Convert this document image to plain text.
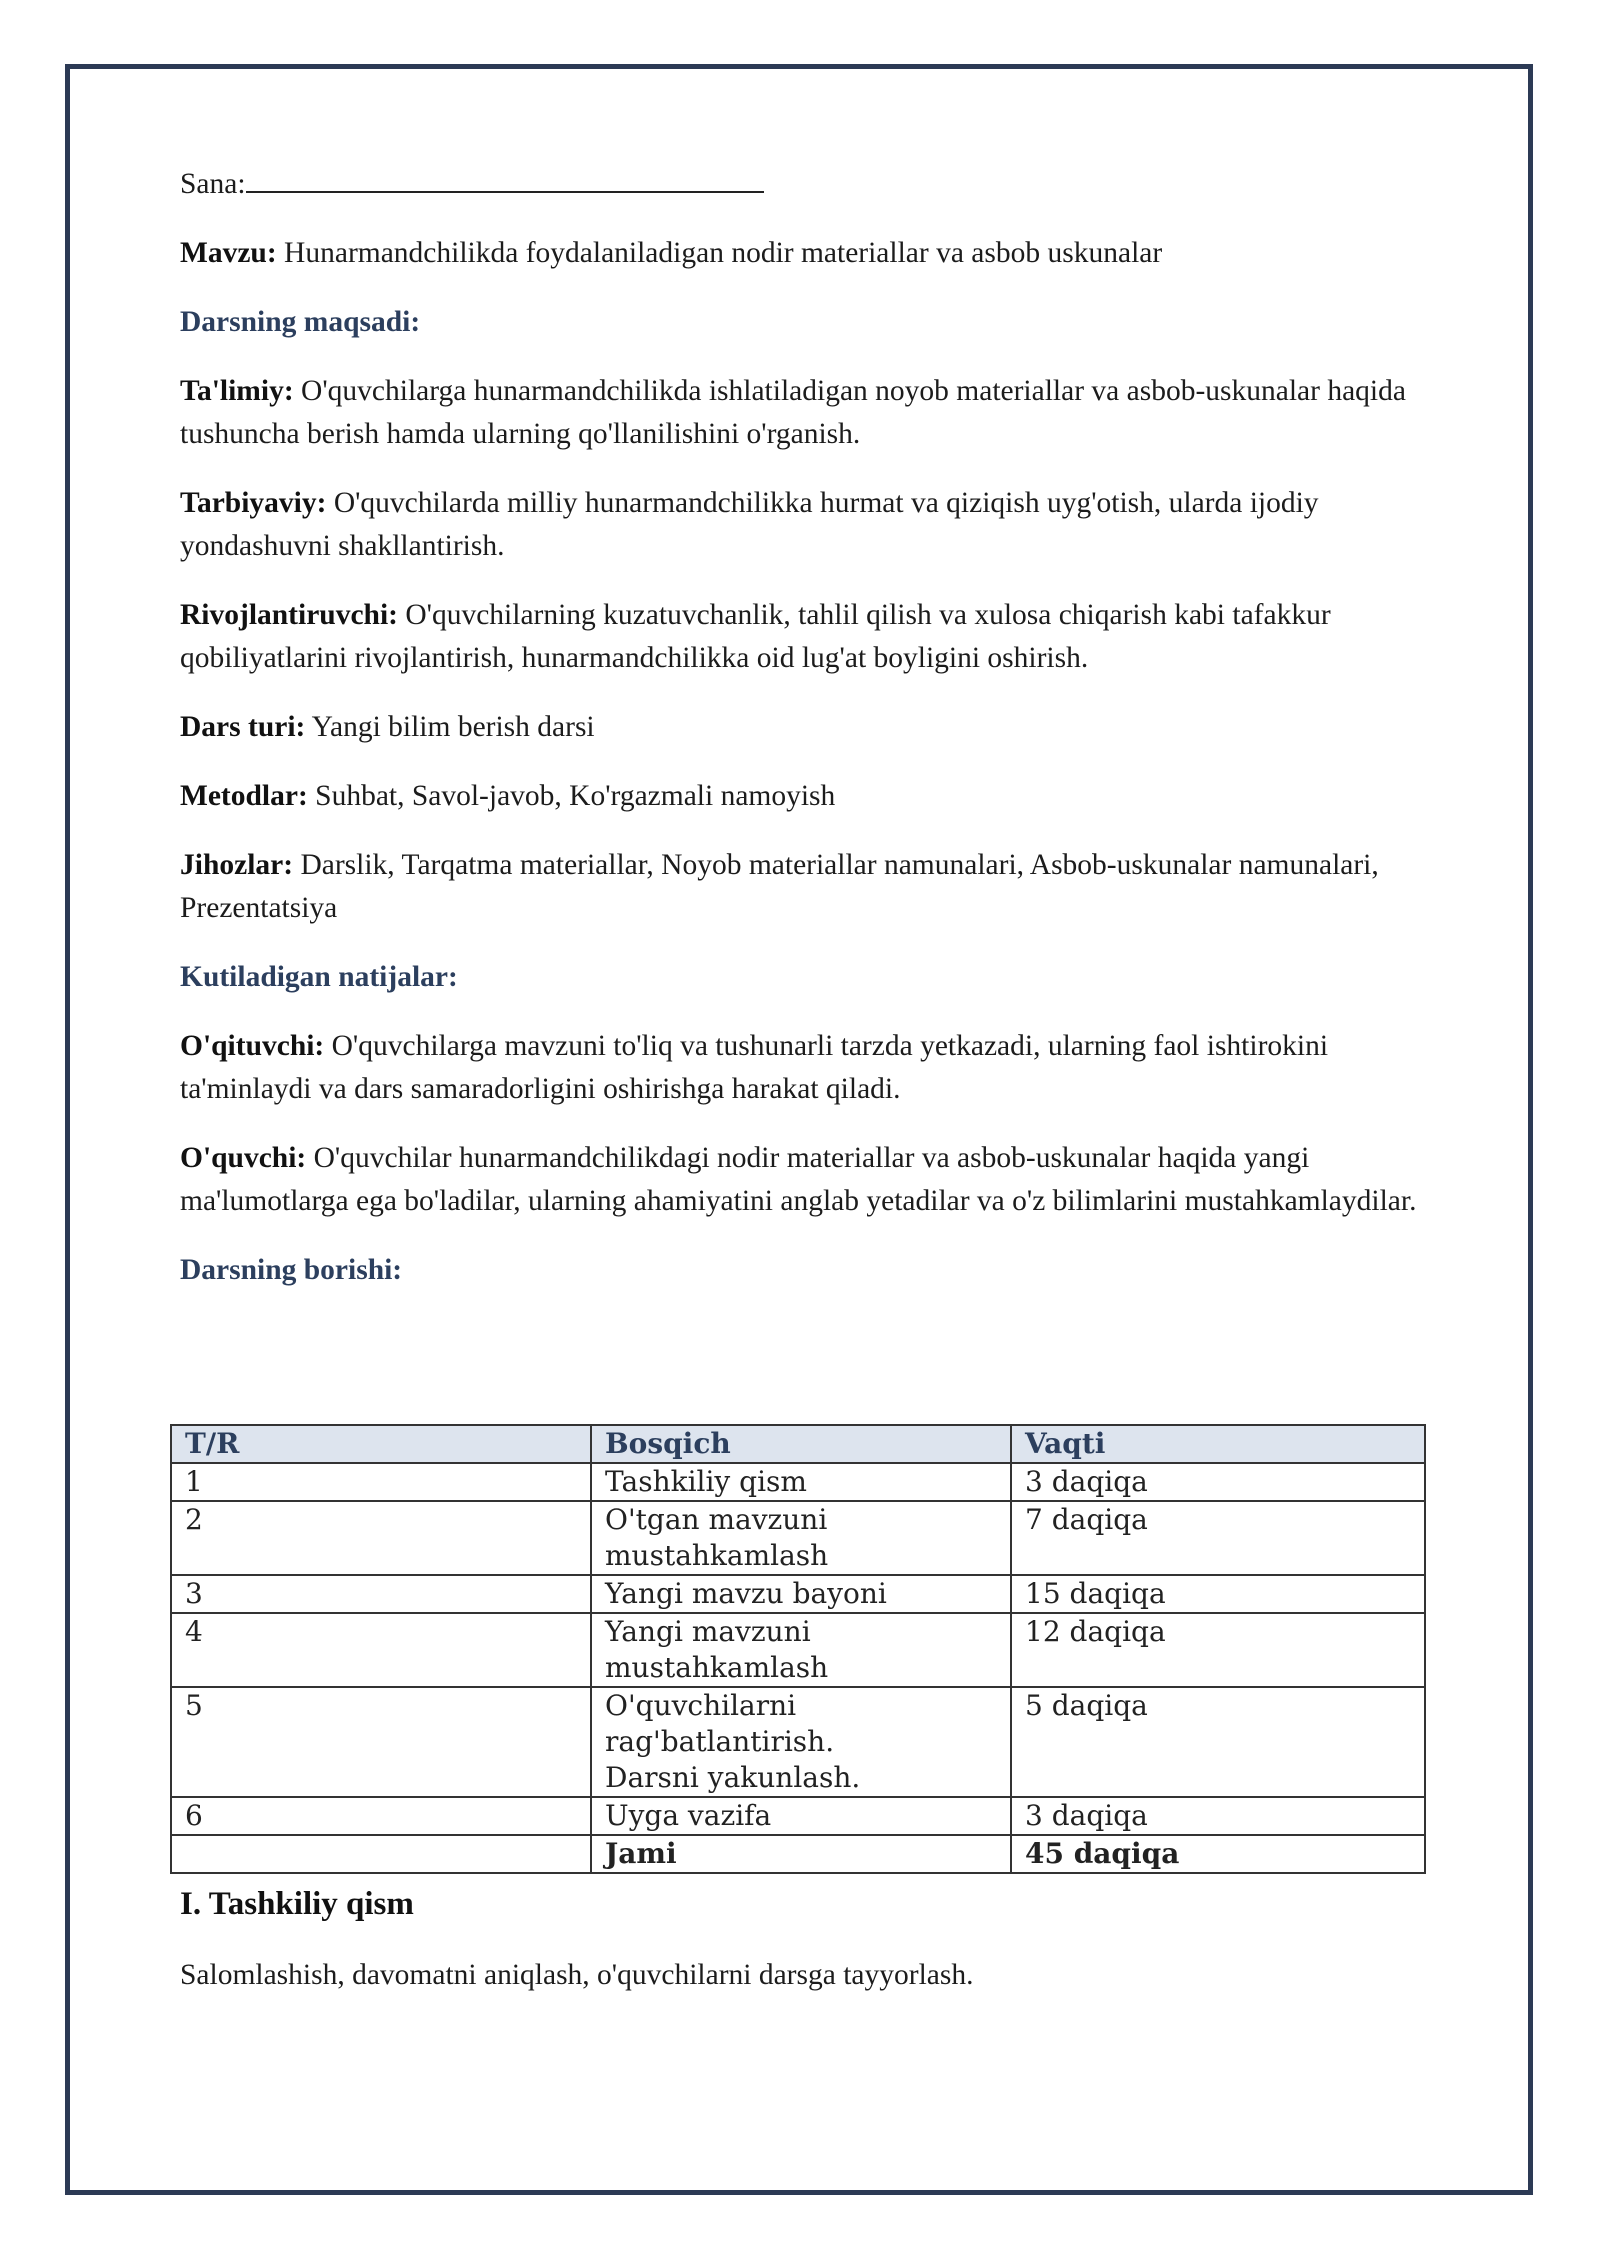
Sana:

Mavzu: Hunarmandchilikda foydalaniladigan nodir materiallar va asbob uskunalar

Darsning maqsadi:

Ta'limiy: O'quvchilarga hunarmandchilikda ishlatiladigan noyob materiallar va asbob-uskunalar haqida tushuncha berish hamda ularning qo'llanilishini o'rganish.

Tarbiyaviy: O'quvchilarda milliy hunarmandchilikka hurmat va qiziqish uyg'otish, ularda ijodiy yondashuvni shakllantirish.

Rivojlantiruvchi: O'quvchilarning kuzatuvchanlik, tahlil qilish va xulosa chiqarish kabi tafakkur qobiliyatlarini rivojlantirish, hunarmandchilikka oid lug'at boyligini oshirish.

Dars turi: Yangi bilim berish darsi

Metodlar: Suhbat, Savol-javob, Ko'rgazmali namoyish

Jihozlar: Darslik, Tarqatma materiallar, Noyob materiallar namunalari, Asbob-uskunalar namunalari, Prezentatsiya

Kutiladigan natijalar:

O'qituvchi: O'quvchilarga mavzuni to'liq va tushunarli tarzda yetkazadi, ularning faol ishtirokini ta'minlaydi va dars samaradorligini oshirishga harakat qiladi.

O'quvchi: O'quvchilar hunarmandchilikdagi nodir materiallar va asbob-uskunalar haqida yangi ma'lumotlarga ega bo'ladilar, ularning ahamiyatini anglab yetadilar va o'z bilimlarini mustahkamlaydilar.

Darsning borishi:

T/R	Bosqich	Vaqti
1	Tashkiliy qism	3 daqiqa
2	O'tgan mavzuni
mustahkamlash	7 daqiqa
3	Yangi mavzu bayoni	15 daqiqa
4	Yangi mavzuni
mustahkamlash	12 daqiqa
5	O'quvchilarni rag'batlantirish.
Darsni yakunlash.	5 daqiqa
6	Uyga vazifa	3 daqiqa
	Jami	45 daqiqa

I. Tashkiliy qism

Salomlashish, davomatni aniqlash, o'quvchilarni darsga tayyorlash.
